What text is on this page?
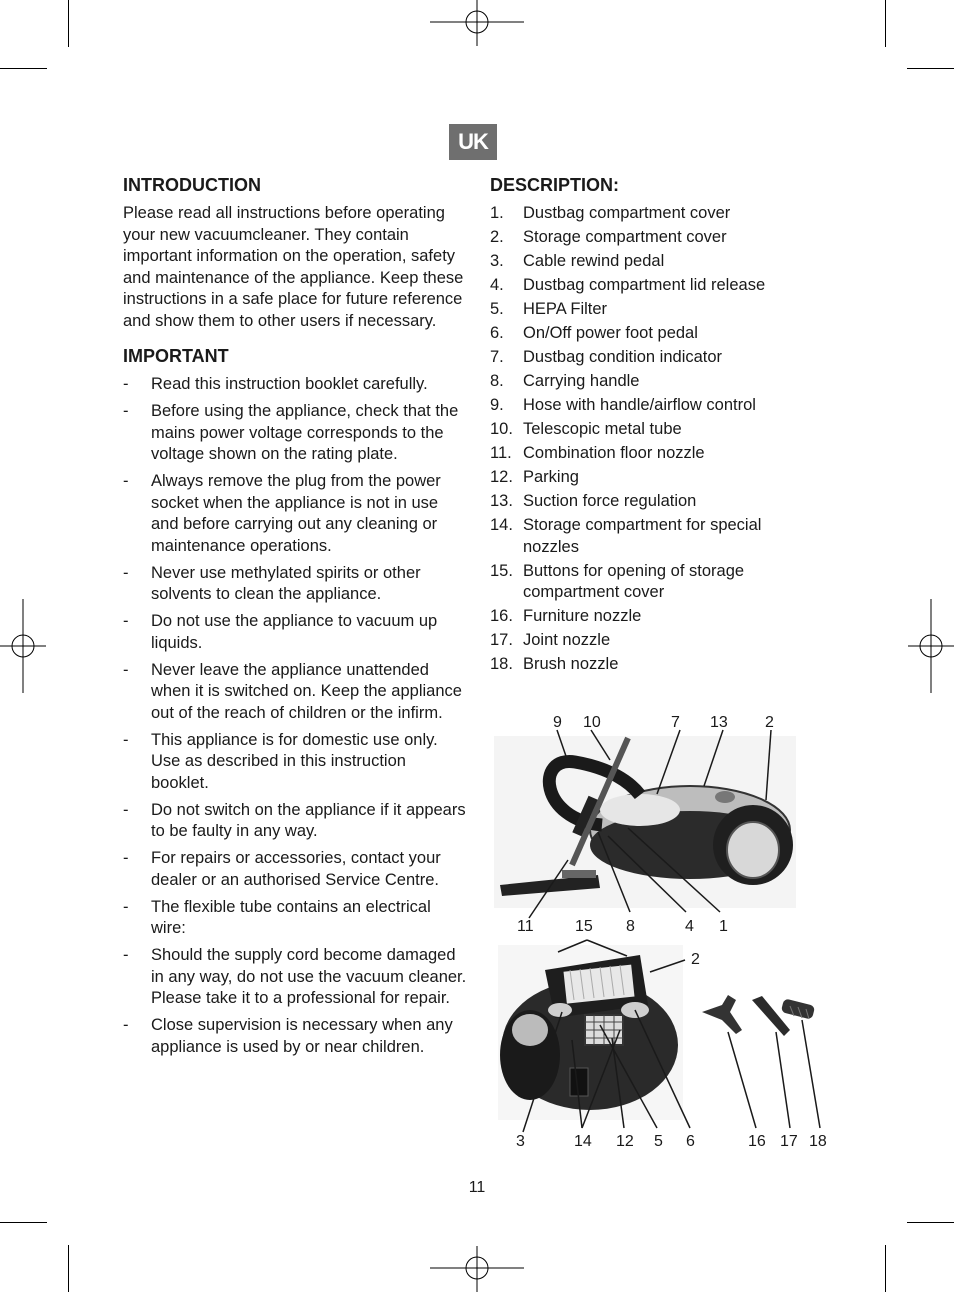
UK
INTRODUCTION

Please read all instructions before operating your new vacuumcleaner. They contain important information on the operation, safety and maintenance of the appliance. Keep these instructions in a safe place for future reference and show them to other users if necessary.

IMPORTANT
- Read this instruction booklet carefully.
- Before using the appliance, check that the mains power voltage corresponds to the voltage shown on the rating plate.
- Always remove the plug from the power socket when the appliance is not in use and before carrying out any cleaning or maintenance operations.
- Never use methylated spirits or other solvents to clean the appliance.
- Do not use the appliance to vacuum up liquids.
- Never leave the appliance unattended when it is switched on. Keep the appliance out of the reach of children or the infirm.
- This appliance is for domestic use only. Use as described in this instruction booklet.
- Do not switch on the appliance if it appears to be faulty in any way.
- For repairs or accessories, contact your dealer or an authorised Service Centre.
- The flexible tube contains an electrical wire:
- Should the supply cord become damaged in any way, do not use the vacuum cleaner. Please take it to a professional for repair.
- Close supervision is necessary when any appliance is used by or near children.
DESCRIPTION:
1. Dustbag compartment cover
2. Storage compartment cover
3. Cable rewind pedal
4. Dustbag compartment lid release
5. HEPA Filter
6. On/Off power foot pedal
7. Dustbag condition indicator
8. Carrying handle
9. Hose with handle/airflow control
10. Telescopic metal tube
11. Combination floor nozzle
12. Parking
13. Suction force regulation
14. Storage compartment for special nozzles
15. Buttons for opening of storage compartment cover
16. Furniture nozzle
17. Joint nozzle
18. Brush nozzle
9 10	7 13 2
11	15 8	4 1
2
3	14 12 5 6	16 17 18
11
